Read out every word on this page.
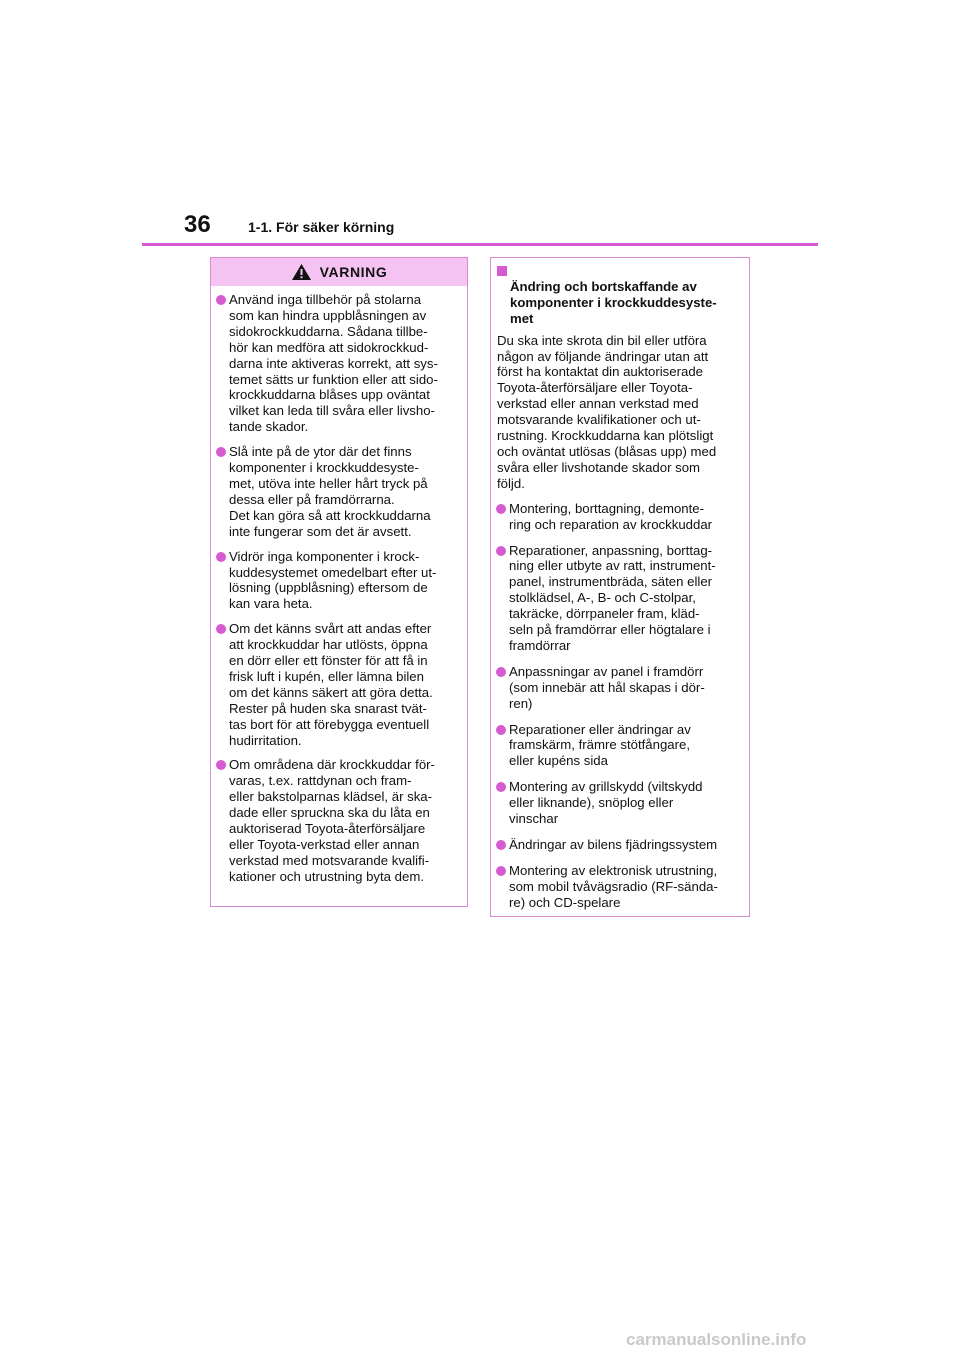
36	1-1. För säker körning
VARNING
Använd inga tillbehör på stolarna
som kan hindra uppblåsningen av
sidokrockkuddarna. Sådana tillbe-
hör kan medföra att sidokrockkud-
darna inte aktiveras korrekt, att sys-
temet sätts ur funktion eller att sido-
krockkuddarna blåses upp oväntat
vilket kan leda till svåra eller livsho-
tande skador.
Slå inte på de ytor där det finns
komponenter i krockkuddesyste-
met, utöva inte heller hårt tryck på
dessa eller på framdörrarna.
Det kan göra så att krockkuddarna
inte fungerar som det är avsett.
Vidrör inga komponenter i krock-
kuddesystemet omedelbart efter ut-
lösning (uppblåsning) eftersom de
kan vara heta.
Om det känns svårt att andas efter
att krockkuddar har utlösts, öppna
en dörr eller ett fönster för att få in
frisk luft i kupén, eller lämna bilen
om det känns säkert att göra detta.
Rester på huden ska snarast tvät-
tas bort för att förebygga eventuell
hudirritation.
Om områdena där krockkuddar för-
varas, t.ex. rattdynan och fram-
eller bakstolparnas klädsel, är ska-
dade eller spruckna ska du låta en
auktoriserad Toyota-återförsäljare
eller Toyota-verkstad eller annan
verkstad med motsvarande kvalifi-
kationer och utrustning byta dem.

Ändring och bortskaffande av
komponenter i krockkuddesyste-
met

Du ska inte skrota din bil eller utföra
någon av följande ändringar utan att
först ha kontaktat din auktoriserade
Toyota-återförsäljare eller Toyota-
verkstad eller annan verkstad med
motsvarande kvalifikationer och ut-
rustning. Krockkuddarna kan plötsligt
och oväntat utlösas (blåsas upp) med
svåra eller livshotande skador som
följd.
Montering, borttagning, demonte-
ring och reparation av krockkuddar
Reparationer, anpassning, borttag-
ning eller utbyte av ratt, instrument-
panel, instrumentbräda, säten eller
stolklädsel, A-, B- och C-stolpar,
takräcke, dörrpaneler fram, kläd-
seln på framdörrar eller högtalare i
framdörrar
Anpassningar av panel i framdörr
(som innebär att hål skapas i dör-
ren)
Reparationer eller ändringar av
framskärm, främre stötfångare,
eller kupéns sida
Montering av grillskydd (viltskydd
eller liknande), snöplog eller
vinschar
Ändringar av bilens fjädringssystem
Montering av elektronisk utrustning,
som mobil tvåvägsradio (RF-sända-
re) och CD-spelare
carmanualsonline.info
